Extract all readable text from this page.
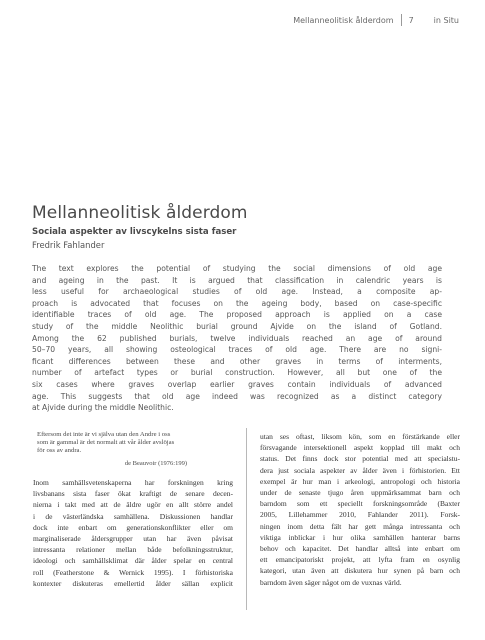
Mellanneolitisk ålderdom 7	in Situ
Mellanneolitisk ålderdom
Sociala aspekter av livscykelns sista faser
Fredrik Fahlander
The text explores the potential of studying the social dimensions of old age
and ageing in the past. It is argued that classification in calendric years is
less useful for archaeological studies of old age. Instead, a composite ap-
proach is advocated that focuses on the ageing body, based on case-specific
identifiable traces of old age. The proposed approach is applied on a case
study of the middle Neolithic burial ground Ajvide on the island of Gotland.
Among the 62 published burials, twelve individuals reached an age of around
50–70 years, all showing osteological traces of old age. There are no signi-
ficant differences between these and other graves in terms of interments,
number of artefact types or burial construction. However, all but one of the
six cases where graves overlap earlier graves contain individuals of advanced
age. This suggests that old age indeed was recognized as a distinct category
at Ajvide during the middle Neolithic.
Eftersom det inte är vi själva utan den Andre i oss
som är gammal är det normalt att vår ålder avslöjas
för oss av andra.
de Beauvoir (1976:199)
Inom samhällsvetenskaperna har forskningen kring
livsbanans sista faser ökat kraftigt de senare decen-
nierna i takt med att de äldre ugör en allt större andel
i de västerländska samhällena. Diskussionen handlar
dock inte enbart om generationskonflikter eller om
marginaliserade åldersgrupper utan har även påvisat
intressanta relationer mellan både befolkningsstruktur,
ideologi och samhällsklimat där ålder spelar en central
roll (Featherstone & Wernick 1995). I förhistoriska
kontexter diskuteras emellertid ålder sällan explicit
utan ses oftast, liksom kön, som en förstärkande eller
försvagande intersektionell aspekt kopplad till makt och
status. Det finns dock stor potential med att specialstu-
dera just sociala aspekter av ålder även i förhistorien. Ett
exempel är hur man i arkeologi, antropologi och historia
under de senaste tjugo åren uppmärksammat barn och
barndom som ett speciellt forskningsområde (Baxter
2005, Lillehammer 2010, Fahlander 2011). Forsk-
ningen inom detta fält har gett många intressanta och
viktiga inblickar i hur olika samhällen hanterar barns
behov och kapacitet. Det handlar alltså inte enbart om
ett emancipatoriskt projekt, att lyfta fram en osynlig
kategori, utan även att diskutera hur synen på barn och
barndom även säger något om de vuxnas värld.
